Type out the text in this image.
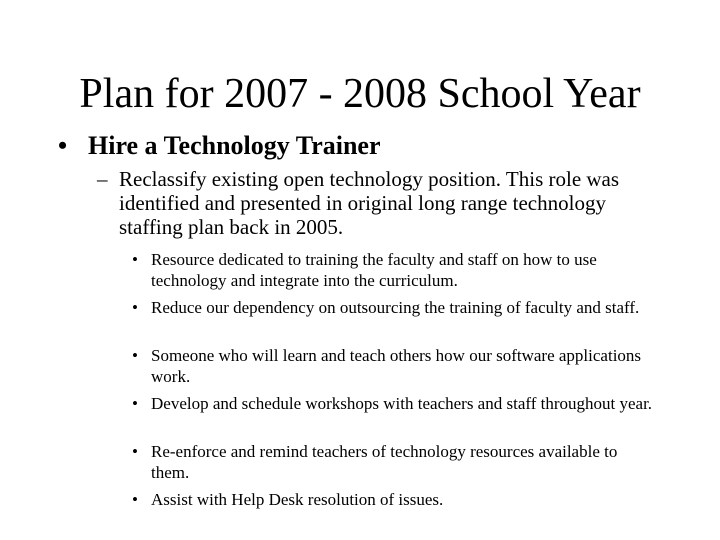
Plan for 2007 - 2008 School Year
• Hire a Technology Trainer
– Reclassify existing open technology position. This role was identified and presented in original long range technology staffing plan back in 2005.
• Resource dedicated to training the faculty and staff on how to use technology and integrate into the curriculum.
• Reduce our dependency on outsourcing the training of faculty and staff.
• Someone who will learn and teach others how our software applications work.
• Develop and schedule workshops with teachers and staff throughout year.
• Re-enforce and remind teachers of technology resources available to them.
• Assist with Help Desk resolution of issues.
